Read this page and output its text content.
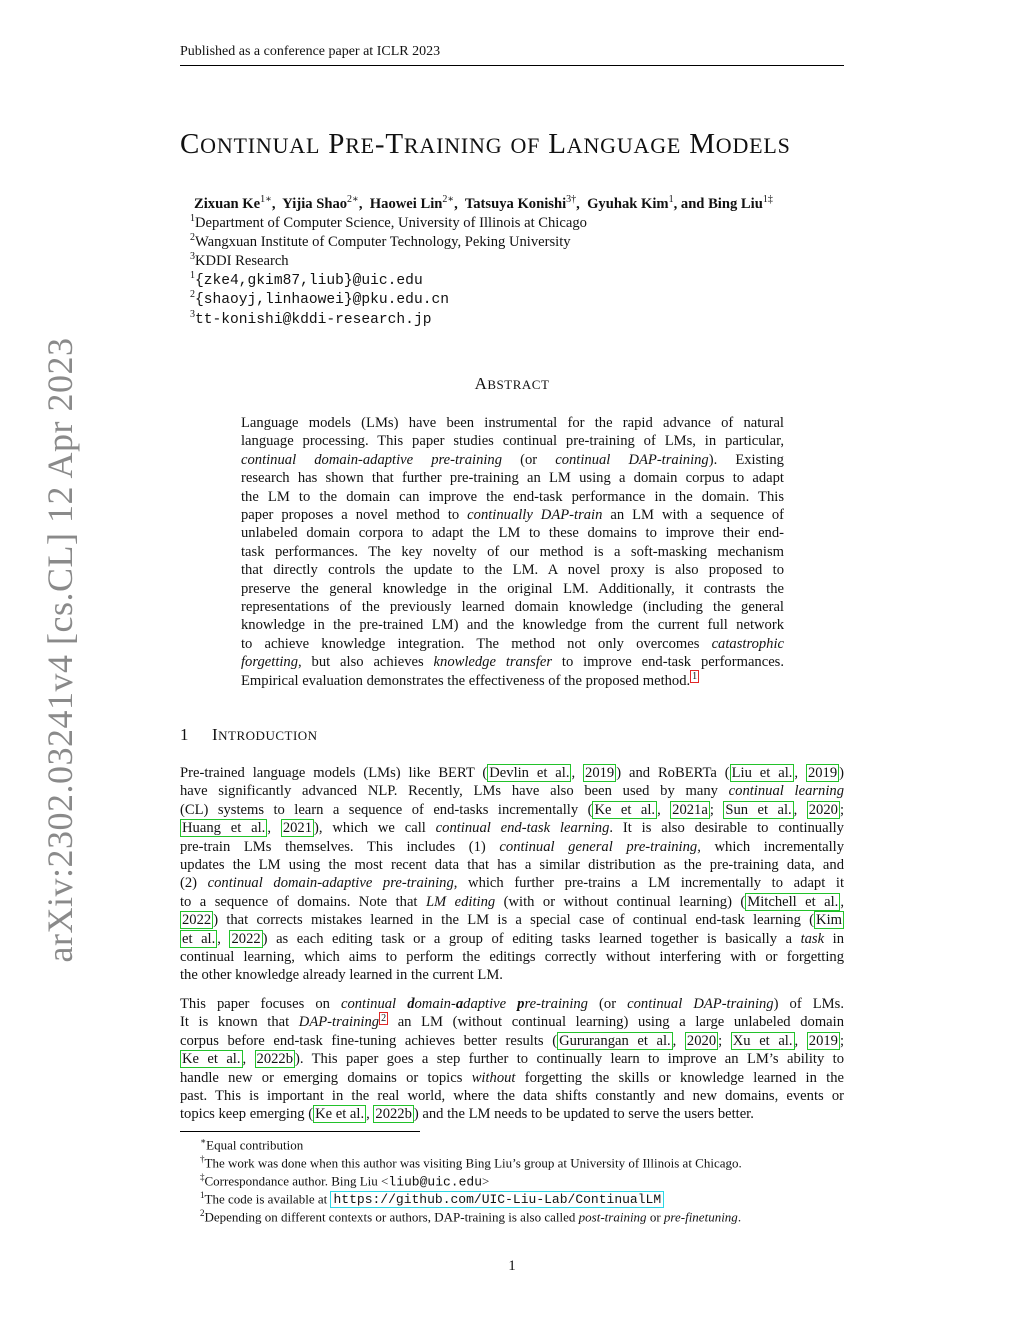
Published as a conference paper at ICLR 2023
arXiv:2302.03241v4 [cs.CL] 12 Apr 2023
CONTINUAL PRE-TRAINING OF LANGUAGE MODELS
Zixuan $Ke^{1∗}$,  Yijia Shao$^{2∗}$,  Haowei Lin$^{2∗}$,  Tatsuya Konishi$^{3\dagger}$,  Gyuhak Kim$^1$, and Bing Liu$^{1\ddagger}$
$^1$Department of Computer Science, University of Illinois at Chicago
$^2$Wangxuan Institute of Computer Technology, Peking University
$^3$KDDI Research
$^1${zke4,gkim87,liub}@uic.edu
$^2${shaoyj,linhaowei}@pku.edu.cn
$^3$tt-konishi@kddi-research.jp
ABSTRACT
Language models (LMs) have been instrumental for the rapid advance of natural
language processing. This paper studies continual pre-training of LMs, in particular,
continual domain-adaptive pre-training (or continual DAP-training). Existing
research has shown that further pre-training an LM using a domain corpus to adapt
the LM to the domain can improve the end-task performance in the domain. This
paper proposes a novel method to continually DAP-train an LM with a sequence of
unlabeled domain corpora to adapt the LM to these domains to improve their end-
task performances. The key novelty of our method is a soft-masking mechanism
that directly controls the update to the LM. A novel proxy is also proposed to
preserve the general knowledge in the original LM. Additionally, it contrasts the
representations of the previously learned domain knowledge (including the general
knowledge in the pre-trained LM) and the knowledge from the current full network
to achieve knowledge integration. The method not only overcomes catastrophic
forgetting, but also achieves knowledge transfer to improve end-task performances.
Empirical evaluation demonstrates the effectiveness of the proposed method. $^1$
1 INTRODUCTION
Pre-trained language models (LMs) like BERT ( Devlin et al. , 2019 ) and RoBERTa ( Liu et al. , 2019 )
have significantly advanced NLP. Recently, LMs have also been used by many continual learning
(CL) systems to learn a sequence of end-tasks incrementally ( Ke et al. , 2021a ; Sun et al. , 2020 ;
Huang et al. , 2021 ), which we call continual end-task learning. It is also desirable to continually
pre-train LMs themselves. This includes (1) continual general pre-training, which incrementally
updates the LM using the most recent data that has a similar distribution as the pre-training data, and
(2) continual domain-adaptive pre-training, which further pre-trains a LM incrementally to adapt it
to a sequence of domains. Note that LM editing (with or without continual learning) ( Mitchell et al. ,
2022 ) that corrects mistakes learned in the LM is a special case of continual end-task learning ( Kim
et al. , 2022 ) as each editing task or a group of editing tasks learned together is basically a task in
continual learning, which aims to perform the editings correctly without interfering with or forgetting
the other knowledge already learned in the current LM.
This paper focuses on continual domain-adaptive pre-training (or continual DAP-training) of LMs.
It is known that DAP-training $^2$ an LM (without continual learning) using a large unlabeled domain
corpus before end-task fine-tuning achieves better results ( Gururangan et al. , 2020 ; Xu et al. , 2019 ;
Ke et al. , 2022b ). This paper goes a step further to continually learn to improve an LM’s ability to
handle new or emerging domains or topics without forgetting the skills or knowledge learned in the
past. This is important in the real world, where the data shifts constantly and new domains, events or
topics keep emerging ( Ke et al. , 2022b ) and the LM needs to be updated to serve the users better.
∗Equal contribution
†The work was done when this author was visiting Bing Liu’s group at University of Illinois at Chicago.
‡Correspondance author. Bing Liu <liub@uic.edu>
$^1$The code is available at https://github.com/UIC-Liu-Lab/ContinualLM
$^2$Depending on different contexts or authors, DAP-training is also called post-training or pre-finetuning.
1
